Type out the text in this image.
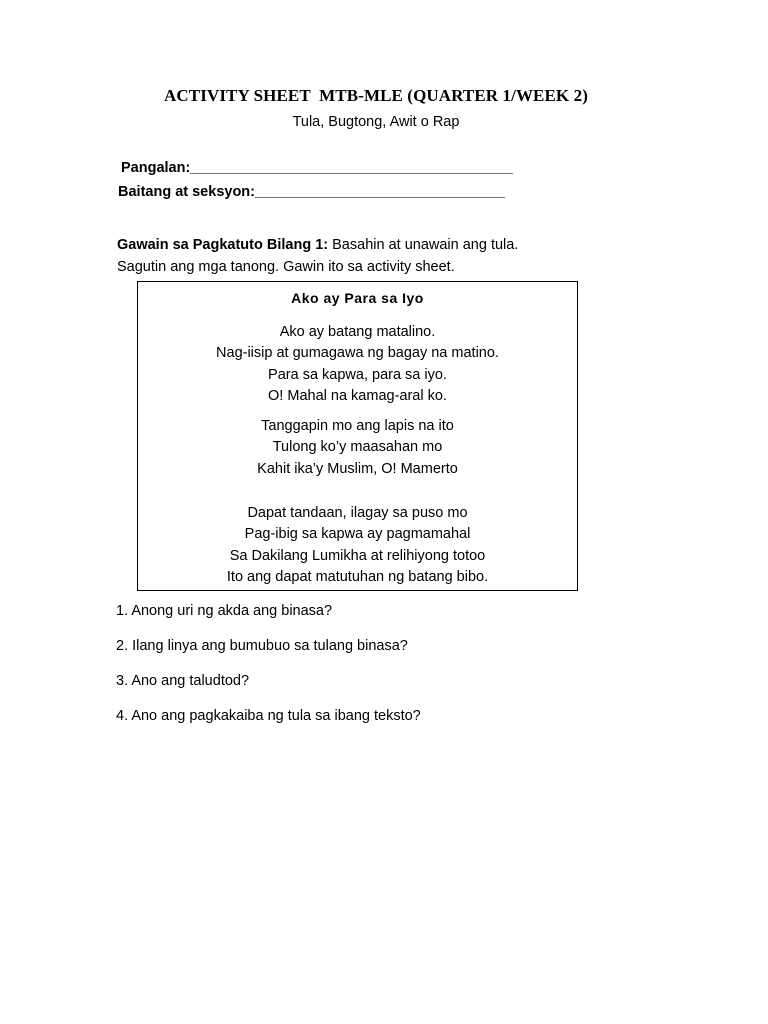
ACTIVITY SHEET  MTB-MLE (QUARTER 1/WEEK 2)
Tula, Bugtong, Awit o Rap
Pangalan:________________________________________
Baitang at seksyon:_______________________________
Gawain sa Pagkatuto Bilang 1: Basahin at unawain ang tula.
Sagutin ang mga tanong. Gawin ito sa activity sheet.
Ako ay Para sa Iyo
Ako ay batang matalino.
Nag-iisip at gumagawa ng bagay na matino.
Para sa kapwa, para sa iyo.
O! Mahal na kamag-aral ko.
Tanggapin mo ang lapis na ito
Tulong ko’y maasahan mo
Kahit ika’y Muslim, O! Mamerto
Dapat tandaan, ilagay sa puso mo
Pag-ibig sa kapwa ay pagmamahal
Sa Dakilang Lumikha at relihiyong totoo
Ito ang dapat matutuhan ng batang bibo.
1. Anong uri ng akda ang binasa?
2. Ilang linya ang bumubuo sa tulang binasa?
3. Ano ang taludtod?
4. Ano ang pagkakaiba ng tula sa ibang teksto?
